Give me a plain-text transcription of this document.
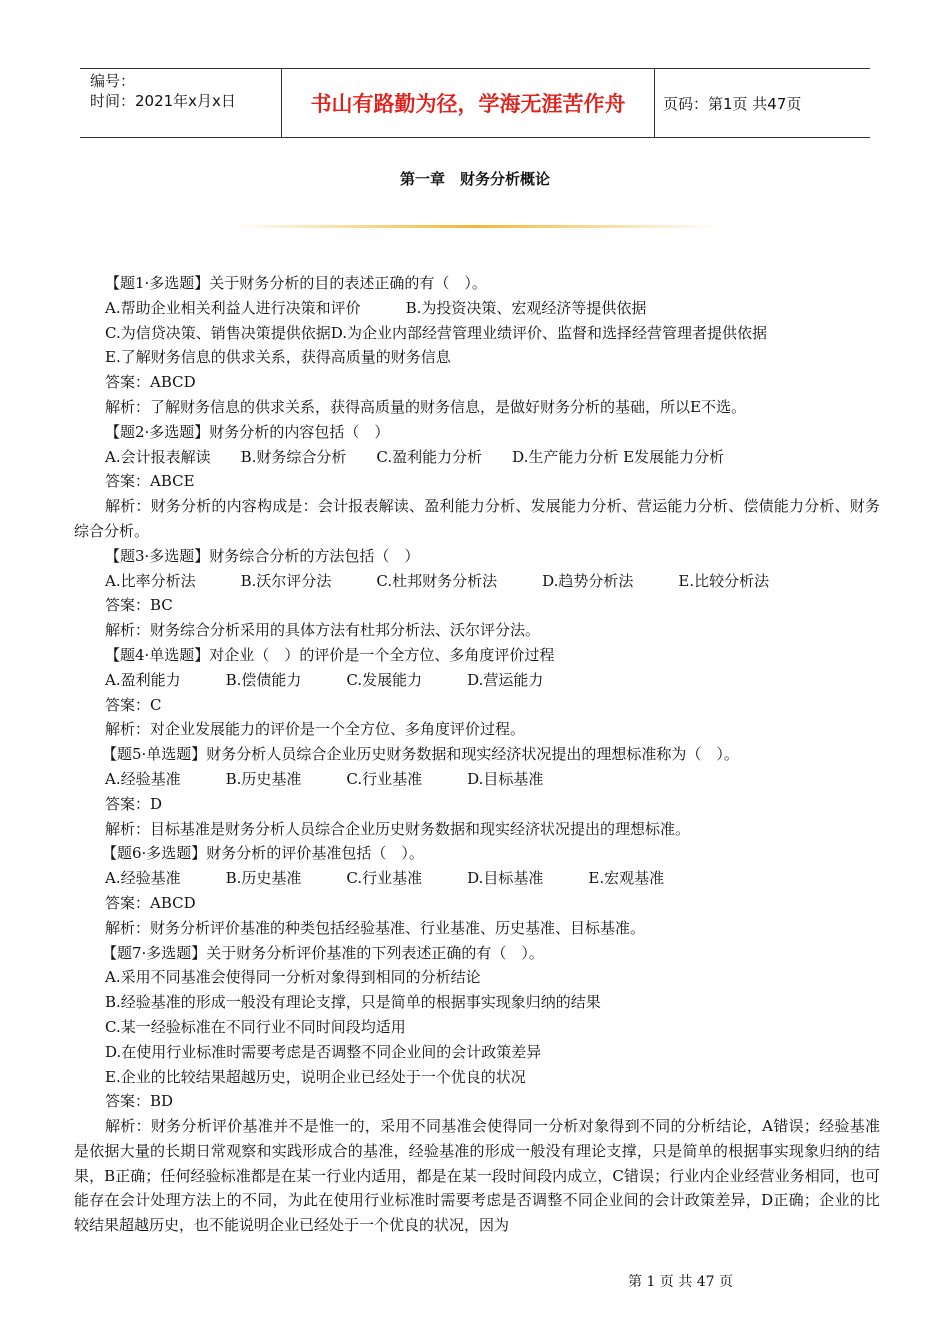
编号：
时间：2021年x月x日	书山有路勤为径，学海无涯苦作舟	页码：第1页 共47页
第一章　财务分析概论
【题1·多选题】关于财务分析的目的表述正确的有（　）。
A.帮助企业相关利益人进行决策和评价　　　B.为投资决策、宏观经济等提供依据
C.为信贷决策、销售决策提供依据D.为企业内部经营管理业绩评价、监督和选择经营管理者提供依据
E.了解财务信息的供求关系，获得高质量的财务信息
答案：ABCD
解析：了解财务信息的供求关系，获得高质量的财务信息，是做好财务分析的基础，所以E不选。
【题2·多选题】财务分析的内容包括（　）
A.会计报表解读　　B.财务综合分析　　C.盈利能力分析　　D.生产能力分析 E发展能力分析
答案：ABCE
解析：财务分析的内容构成是：会计报表解读、盈利能力分析、发展能力分析、营运能力分析、偿债能力分析、财务综合分析。
【题3·多选题】财务综合分析的方法包括（　）
A.比率分析法　　　B.沃尔评分法　　　C.杜邦财务分析法　　　D.趋势分析法　　　E.比较分析法
答案：BC
解析：财务综合分析采用的具体方法有杜邦分析法、沃尔评分法。
【题4·单选题】对企业（　）的评价是一个全方位、多角度评价过程
A.盈利能力　　　B.偿债能力　　　C.发展能力　　　D.营运能力
答案：C
解析：对企业发展能力的评价是一个全方位、多角度评价过程。
【题5·单选题】财务分析人员综合企业历史财务数据和现实经济状况提出的理想标准称为（　）。
A.经验基准　　　B.历史基准　　　C.行业基准　　　D.目标基准
答案：D
解析：目标基准是财务分析人员综合企业历史财务数据和现实经济状况提出的理想标准。
【题6·多选题】财务分析的评价基准包括（　）。
A.经验基准　　　B.历史基准　　　C.行业基准　　　D.目标基准　　　E.宏观基准
答案：ABCD
解析：财务分析评价基准的种类包括经验基准、行业基准、历史基准、目标基准。
【题7·多选题】关于财务分析评价基准的下列表述正确的有（　）。
A.采用不同基准会使得同一分析对象得到相同的分析结论
B.经验基准的形成一般没有理论支撑，只是简单的根据事实现象归纳的结果
C.某一经验标准在不同行业不同时间段均适用
D.在使用行业标准时需要考虑是否调整不同企业间的会计政策差异
E.企业的比较结果超越历史，说明企业已经处于一个优良的状况
答案：BD
解析：财务分析评价基准并不是惟一的，采用不同基准会使得同一分析对象得到不同的分析结论，A错误；经验基准是依据大量的长期日常观察和实践形成合的基准，经验基准的形成一般没有理论支撑，只是简单的根据事实现象归纳的结果，B正确；任何经验标准都是在某一行业内适用，都是在某一段时间段内成立，C错误；行业内企业经营业务相同，也可能存在会计处理方法上的不同，为此在使用行业标准时需要考虑是否调整不同企业间的会计政策差异，D正确；企业的比较结果超越历史，也不能说明企业已经处于一个优良的状况，因为
第 1 页 共 47 页
